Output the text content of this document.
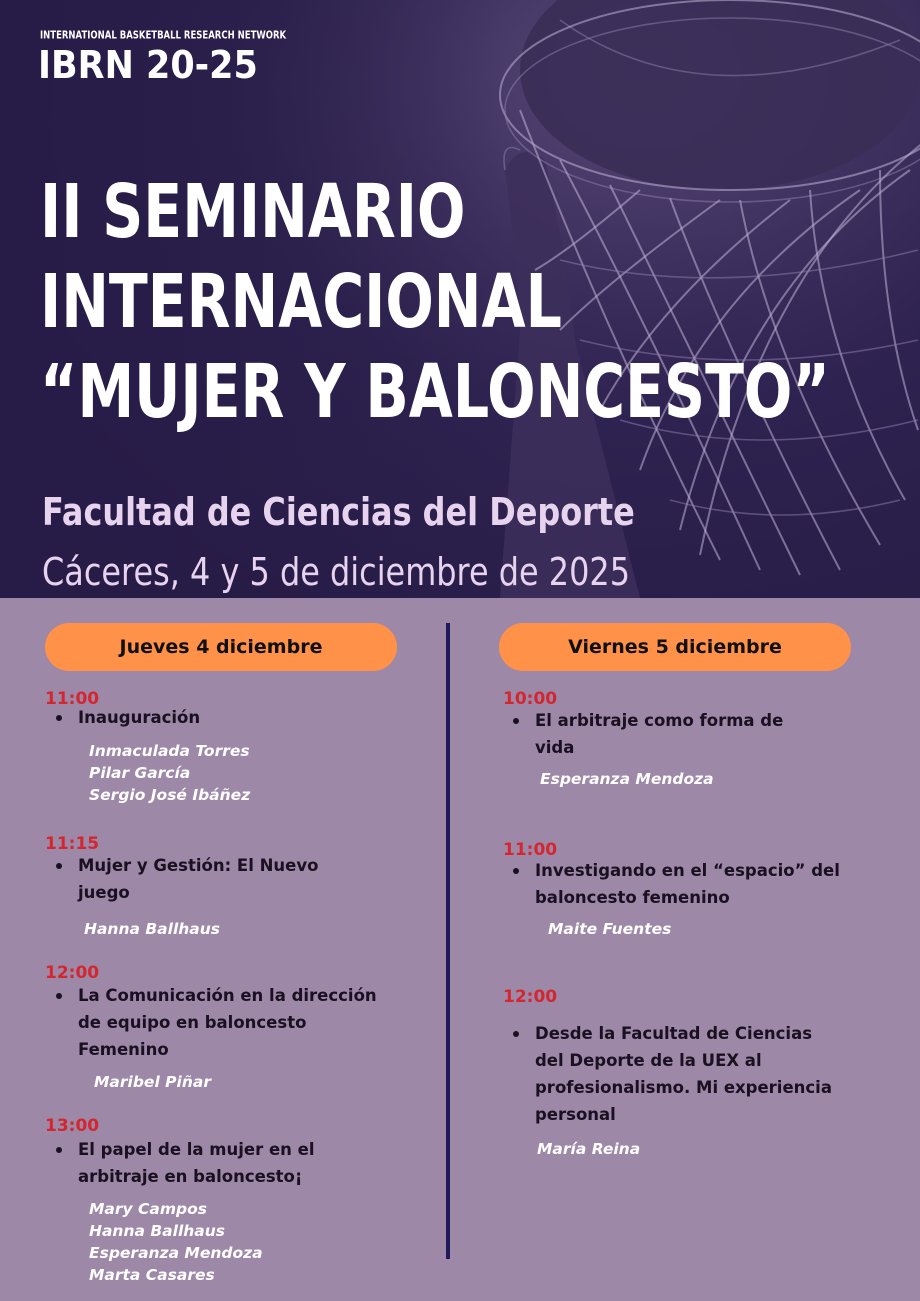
INTERNATIONAL BASKETBALL RESEARCH NETWORK
IBRN 20-25
II SEMINARIO
INTERNACIONAL
“MUJER Y BALONCESTO”
Facultad de Ciencias del Deporte
Cáceres, 4 y 5 de diciembre de 2025
Jueves 4 diciembre	Viernes 5 diciembre
11:00
Inauguración
Inmaculada Torres
Pilar García
Sergio José Ibáñez
11:15
Mujer y Gestión: El Nuevo
juego
Hanna Ballhaus
12:00
La Comunicación en la dirección
de equipo en baloncesto
Femenino
Maribel Piñar
13:00
El papel de la mujer en el
arbitraje en baloncesto¡
Mary Campos
Hanna Ballhaus
Esperanza Mendoza
Marta Casares
10:00
El arbitraje como forma de
vida
Esperanza Mendoza
11:00
Investigando en el “espacio” del
baloncesto femenino
Maite Fuentes
12:00
Desde la Facultad de Ciencias
del Deporte de la UEX al
profesionalismo. Mi experiencia
personal
María Reina
